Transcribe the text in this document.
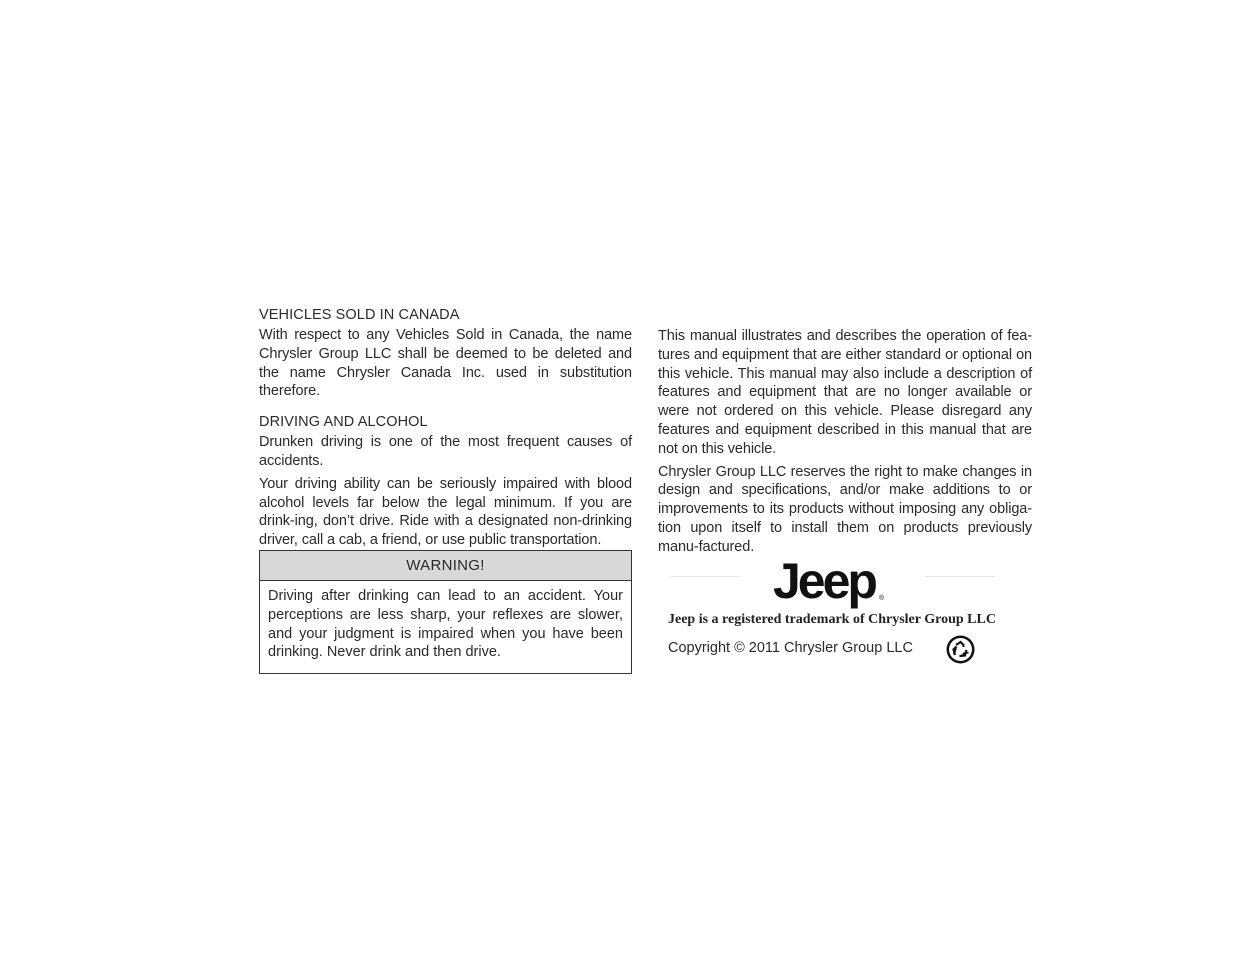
VEHICLES SOLD IN CANADA

With respect to any Vehicles Sold in Canada, the name Chrysler Group LLC shall be deemed to be deleted and the name Chrysler Canada Inc. used in substitution therefore.

DRIVING AND ALCOHOL

Drunken driving is one of the most frequent causes of accidents.

Your driving ability can be seriously impaired with blood alcohol levels far below the legal minimum. If you are drink-ing, don’t drive. Ride with a designated non-drinking driver, call a cab, a friend, or use public transportation.

WARNING!
Driving after drinking can lead to an accident. Your perceptions are less sharp, your reflexes are slower, and your judgment is impaired when you have been drinking. Never drink and then drive.

This manual illustrates and describes the operation of fea-tures and equipment that are either standard or optional on this vehicle. This manual may also include a description of features and equipment that are no longer available or were not ordered on this vehicle. Please disregard any features and equipment described in this manual that are not on this vehicle.

Chrysler Group LLC reserves the right to make changes in design and specifications, and/or make additions to or improvements to its products without imposing any obliga-tion upon itself to install them on products previously manu-factured.

Jeep ®
Jeep is a registered trademark of Chrysler Group LLC
Copyright © 2011 Chrysler Group LLC
